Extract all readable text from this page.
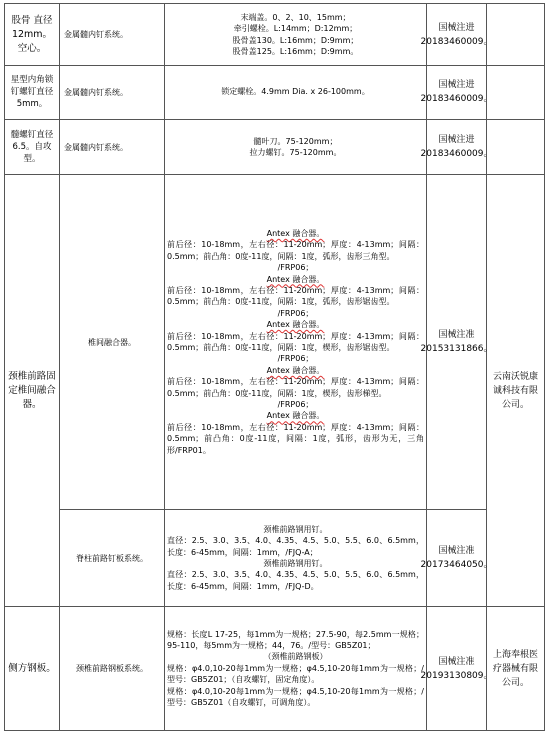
股骨 直径12mm。空心。
金属髓内钉系统。
末端盖。0、2、10、15mm；
牵引螺栓。L:14mm；D:12mm；
股骨盖130。L:16mm；D:9mm；
股骨盖125。L:16mm；D:9mm。
国械注进 20183460009。
星型内角锁钉螺钉直径5mm。
金属髓内钉系统。	锁定螺栓。4.9mm Dia. x 26-100mm。
国械注进 20183460009。
髓螺钉直径6.5。自攻型。
金属髓内钉系统。
髓叶刀。75-120mm；
拉力螺钉。75-120mm。
国械注进 20183460009。
颈椎前路固定椎间融合器。
云南沃锐康诚科技有限公司。
椎间融合器。
Antex 融合器。
前后径：10-18mm，左右径：11-20mm；厚度：4-13mm；间隔：0.5mm；前凸角：0度-11度，间隔：1度，弧形，齿形三角型。
/FRP06；
Antex 融合器。
前后径：10-18mm，左右径：11-20mm；厚度：4-13mm；间隔：0.5mm；前凸角：0度-11度，间隔：1度，弧形，齿形锯齿型。
/FRP06；
Antex 融合器。
前后径：10-18mm，左右径：11-20mm；厚度：4-13mm；间隔：0.5mm；前凸角：0度-11度，间隔：1度，楔形，齿形锯齿型。
/FRP06；
Antex 融合器。
前后径：10-18mm，左右径：11-20mm；厚度：4-13mm；间隔：0.5mm；前凸角：0度-11度，间隔：1度，楔形，齿形梯型。
/FRP06；
Antex 融合器。
前后径：10-18mm，左右径：11-20mm；厚度：4-13mm；间隔：0.5mm；前凸角：0度-11度，间隔：1度，弧形，齿形为无，三角形/FRP01。
国械注准 20153131866。
脊柱前路钉板系统。
颈椎前路钢用钉。
直径：2.5、3.0、3.5、4.0、4.35、4.5、5.0、5.5、6.0、6.5mm，长度：6-45mm，间隔：1mm，/FJQ-A；
颈椎前路钢用钉。
直径：2.5、3.0、3.5、4.0、4.35、4.5、5.0、5.5、6.0、6.5mm，长度：6-45mm，间隔：1mm，/FJQ-D。
国械注准 20173464050。
侧方钢板。	颈椎前路钢板系统。
规格：长度L 17-25，每1mm为一规格；27.5-90，每2.5mm一规格；95-110，每5mm为一规格；44，76。/型号：GB5Z01；
（颈椎前路钢板）
规格：φ4.0,10-20每1mm为一规格；φ4.5,10-20每1mm为一规格；/型号：GB5Z01；（自攻螺钉，固定角度）。
规格：φ4.0,10-20每1mm为一规格；φ4.5,10-20每1mm为一规格；/型号：GB5Z01（自攻螺钉，可调角度）。
国械注准 20193130809。
上海奉根医疗器械有限公司。
